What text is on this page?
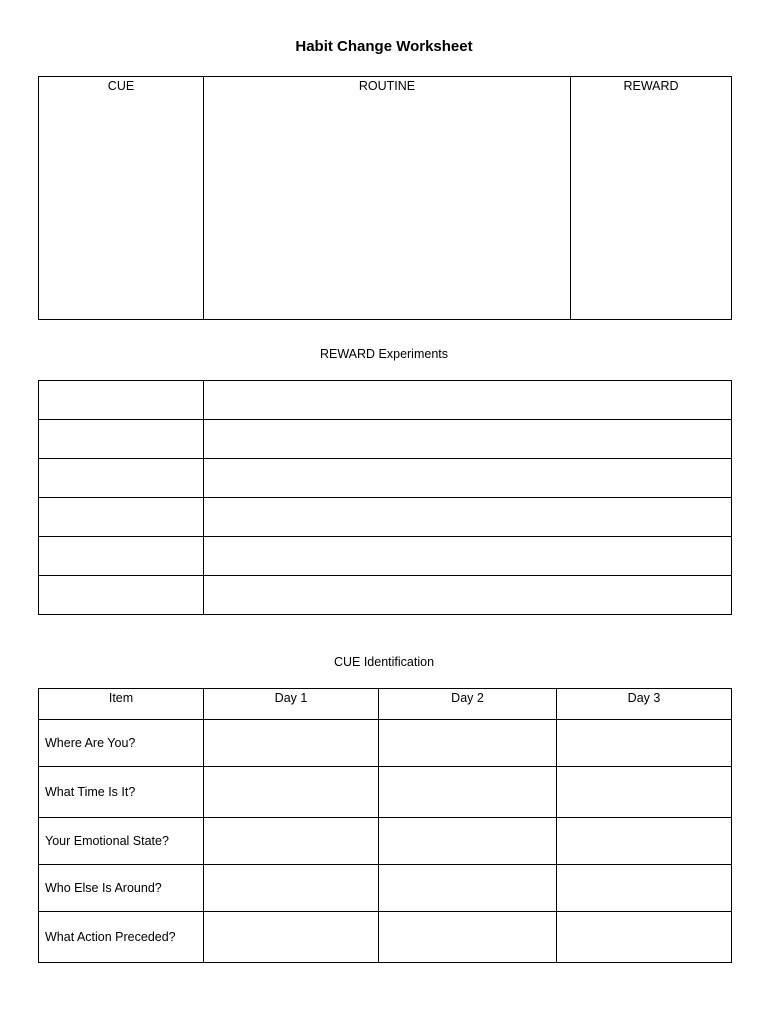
Habit Change Worksheet
CUE	ROUTINE	REWARD
REWARD Experiments

CUE Identification
Item	Day 1	Day 2	Day 3
Where Are You?			
What Time Is It?			
Your Emotional State?			
Who Else Is Around?			
What Action Preceded?			
